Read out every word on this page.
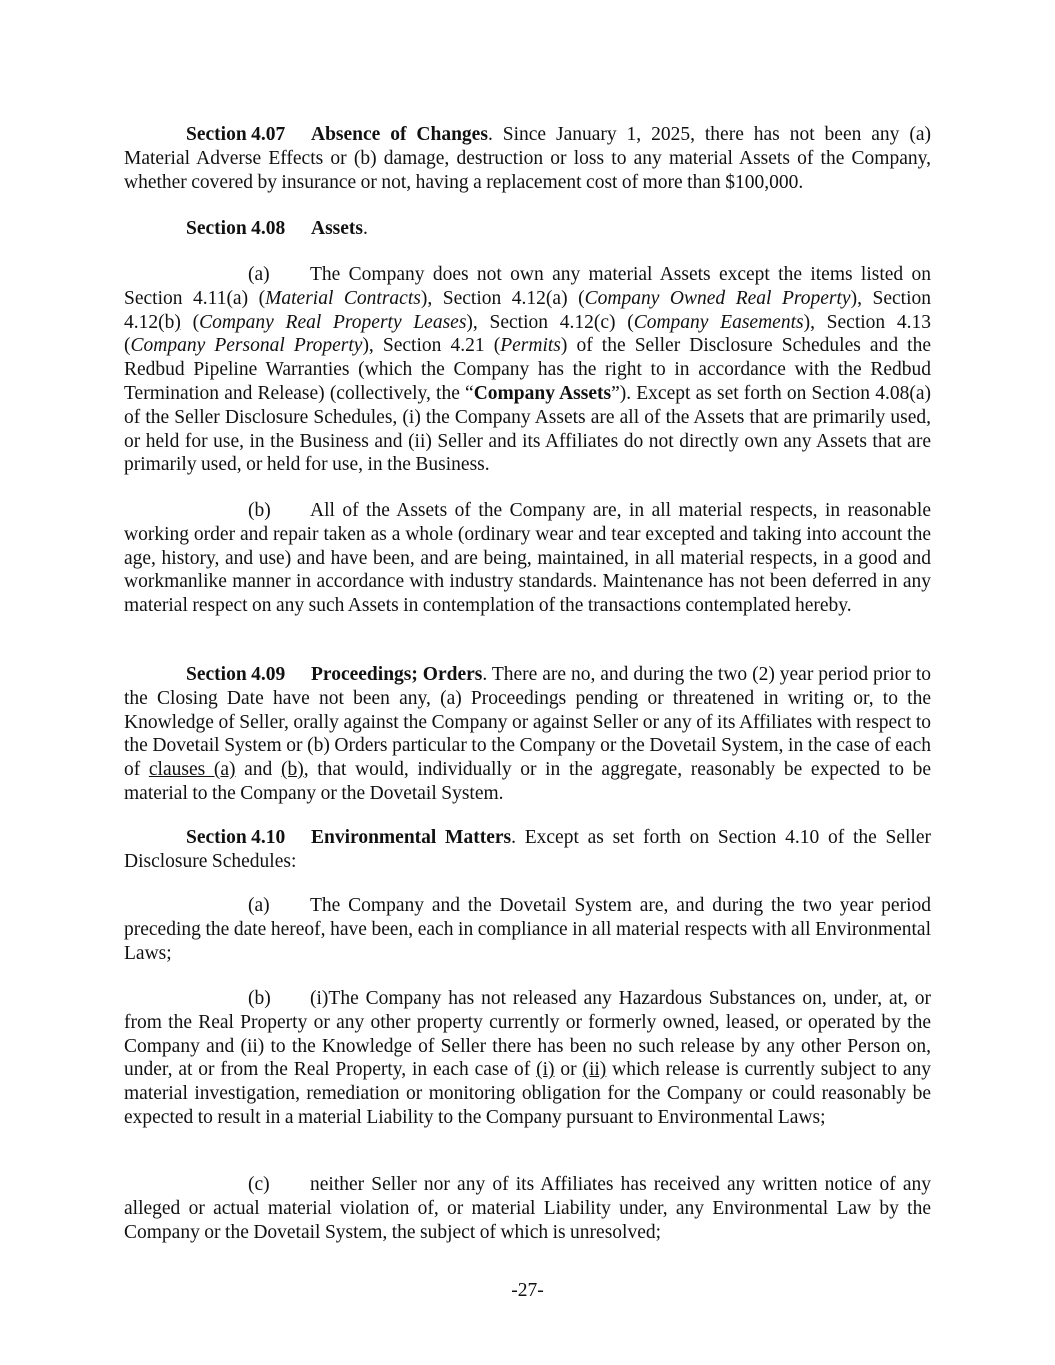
Section 4.07 Absence of Changes. Since January 1, 2025, there has not been any (a) Material Adverse Effects or (b) damage, destruction or loss to any material Assets of the Company, whether covered by insurance or not, having a replacement cost of more than $100,000.

Section 4.08 Assets.

(a) The Company does not own any material Assets except the items listed on Section 4.11(a) (Material Contracts), Section 4.12(a) (Company Owned Real Property), Section 4.12(b) (Company Real Property Leases), Section 4.12(c) (Company Easements), Section 4.13 (Company Personal Property), Section 4.21 (Permits) of the Seller Disclosure Schedules and the Redbud Pipeline Warranties (which the Company has the right to in accordance with the Redbud Termination and Release) (collectively, the “Company Assets”). Except as set forth on Section 4.08(a) of the Seller Disclosure Schedules, (i) the Company Assets are all of the Assets that are primarily used, or held for use, in the Business and (ii) Seller and its Affiliates do not directly own any Assets that are primarily used, or held for use, in the Business.

(b) All of the Assets of the Company are, in all material respects, in reasonable working order and repair taken as a whole (ordinary wear and tear excepted and taking into account the age, history, and use) and have been, and are being, maintained, in all material respects, in a good and workmanlike manner in accordance with industry standards. Maintenance has not been deferred in any material respect on any such Assets in contemplation of the transactions contemplated hereby.

Section 4.09 Proceedings; Orders. There are no, and during the two (2) year period prior to the Closing Date have not been any, (a) Proceedings pending or threatened in writing or, to the Knowledge of Seller, orally against the Company or against Seller or any of its Affiliates with respect to the Dovetail System or (b) Orders particular to the Company or the Dovetail System, in the case of each of clauses (a) and (b), that would, individually or in the aggregate, reasonably be expected to be material to the Company or the Dovetail System.

Section 4.10 Environmental Matters. Except as set forth on Section 4.10 of the Seller Disclosure Schedules:

(a) The Company and the Dovetail System are, and during the two year period preceding the date hereof, have been, each in compliance in all material respects with all Environmental Laws;

(b) (i)The Company has not released any Hazardous Substances on, under, at, or from the Real Property or any other property currently or formerly owned, leased, or operated by the Company and (ii) to the Knowledge of Seller there has been no such release by any other Person on, under, at or from the Real Property, in each case of (i) or (ii) which release is currently subject to any material investigation, remediation or monitoring obligation for the Company or could reasonably be expected to result in a material Liability to the Company pursuant to Environmental Laws;

(c) neither Seller nor any of its Affiliates has received any written notice of any alleged or actual material violation of, or material Liability under, any Environmental Law by the Company or the Dovetail System, the subject of which is unresolved;

-27-
